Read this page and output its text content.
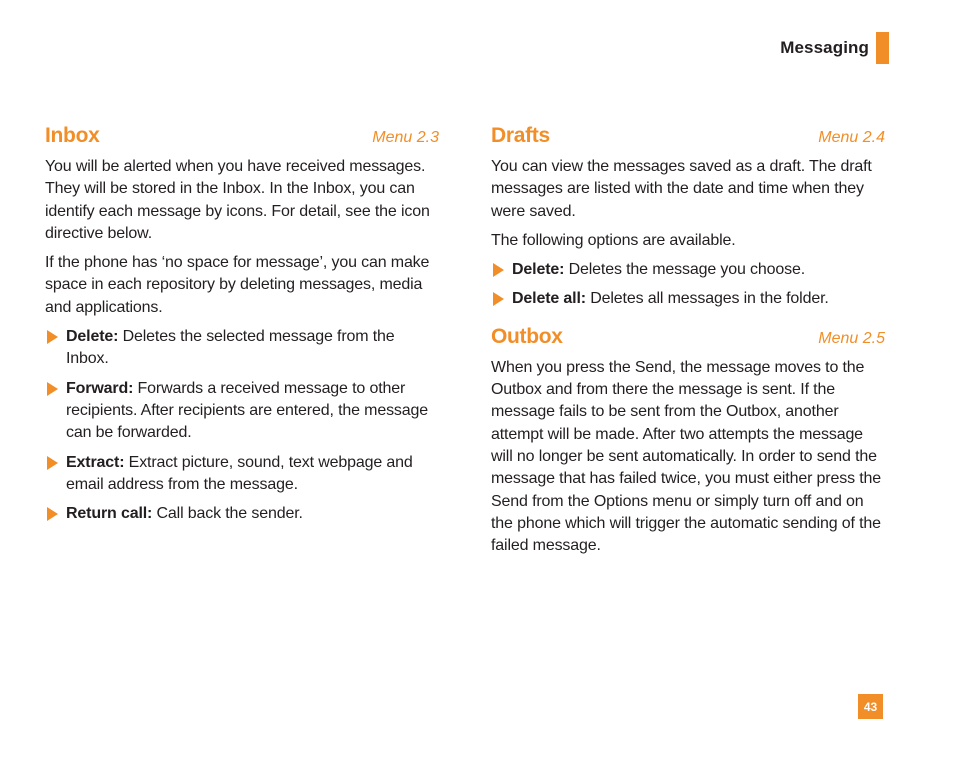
Messaging
Inbox	Menu 2.3

You will be alerted when you have received messages. They will be stored in the Inbox. In the Inbox, you can identify each message by icons. For detail, see the icon directive below.

If the phone has ‘no space for message’, you can make space in each repository by deleting messages, media and applications.

Delete: Deletes the selected message from the Inbox.
Forward: Forwards a received message to other recipients. After recipients are entered, the message can be forwarded.
Extract: Extract picture, sound, text webpage and email address from the message.
Return call: Call back the sender.
Drafts	Menu 2.4

You can view the messages saved as a draft. The draft messages are listed with the date and time when they were saved.

The following options are available.

Delete: Deletes the message you choose.
Delete all: Deletes all messages in the folder.
Outbox	Menu 2.5

When you press the Send, the message moves to the Outbox and from there the message is sent. If the message fails to be sent from the Outbox, another attempt will be made. After two attempts the message will no longer be sent automatically. In order to send the message that has failed twice, you must either press the Send from the Options menu or simply turn off and on the phone which will trigger the automatic sending of the failed message.

43
